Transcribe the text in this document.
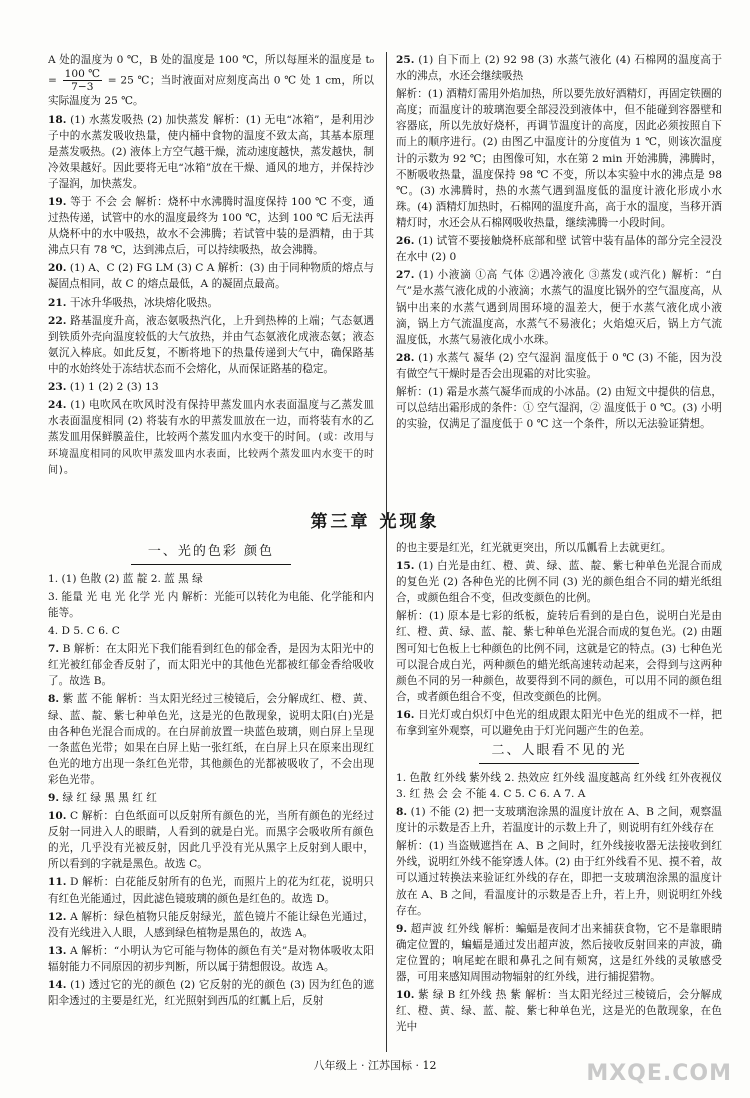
A 处的温度为 0 ℃，B 处的温度是 100 ℃，所以每厘米的温度是 $t_0 = \frac{100 ℃}{7-3} = 25$ ℃；当时液面对应刻度高出 0 ℃ 处 1 cm，所以实际温度为 25 ℃。

18. (1) 水蒸发吸热 (2) 加快蒸发 解析：(1) 无电“冰箱”，是利用沙子中的水蒸发吸收热量，使内桶中食物的温度不致太高，其基本原理是蒸发吸热。(2) 液体上方空气越干燥，流动速度越快，蒸发越快，制冷效果越好。因此要将无电“冰箱”放在干燥、通风的地方，并保持沙子湿润，加快蒸发。

19. 等于 不会 会 解析：烧杯中水沸腾时温度保持 100 ℃ 不变，通过热传递，试管中的水的温度最终为 100 ℃，达到 100 ℃ 后无法再从烧杯中的水中吸热，故水不会沸腾；若试管中装的是酒精，由于其沸点只有 78 ℃，达到沸点后，可以持续吸热，故会沸腾。

20. (1) A、C (2) FG LM (3) C A 解析：(3) 由于同种物质的熔点与凝固点相同，故 C 的熔点最低，A 的凝固点最高。

21. 干冰升华吸热，冰块熔化吸热。

22. 路基温度升高，液态氨吸热汽化，上升到热棒的上端；气态氨遇到铁质外壳向温度较低的大气放热，并由气态氨液化成液态氨；液态氨沉入棒底。如此反复，不断将地下的热量传递到大气中，确保路基中的水始终处于冻结状态而不会熔化，从而保证路基的稳定。

23. (1) 1 (2) 2 (3) 13

24. (1) 电吹风在吹风时没有保持甲蒸发皿内水表面温度与乙蒸发皿水表面温度相同 (2) 将装有水的甲蒸发皿放在一边，而将装有水的乙蒸发皿用保鲜膜盖住，比较两个蒸发皿内水变干的时间。(或：改用与环境温度相同的风吹甲蒸发皿内水表面，比较两个蒸发皿内水变干的时间)。

25. (1) 自下而上 (2) 92 98 (3) 水蒸气液化 (4) 石棉网的温度高于水的沸点，水还会继续吸热

解析：(1) 酒精灯需用外焰加热，所以要先放好酒精灯，再固定铁圈的高度；而温度计的玻璃泡要全部浸没到液体中，但不能碰到容器壁和容器底，所以先放好烧杯，再调节温度计的高度，因此必须按照自下而上的顺序进行。(2) 由图乙中温度计的分度值为 1 ℃，则该次温度计的示数为 92 ℃；由图像可知，水在第 2 min 开始沸腾，沸腾时，不断吸收热量，温度保持 98 ℃ 不变，所以本实验中水的沸点是 98 ℃。(3) 水沸腾时，热的水蒸气遇到温度低的温度计液化形成小水珠。(4) 酒精灯加热时，石棉网的温度升高，高于水的温度，当移开酒精灯时，水还会从石棉网吸收热量，继续沸腾一小段时间。

26. (1) 试管不要接触烧杯底部和壁 试管中装有晶体的部分完全浸没在水中 (2) 0

27. (1) 小液滴 ①高 气体 ②遇冷液化 ③蒸发(或汽化) 解析：“白气”是水蒸气液化成的小液滴；水蒸气的温度比锅外的空气温度高，从锅中出来的水蒸气遇到周围环境的温差大，便于水蒸气液化成小液滴，锅上方气流温度高，水蒸气不易液化；火焰熄灭后，锅上方气流温度低，水蒸气易液化成小水珠。

28. (1) 水蒸气 凝华 (2) 空气湿润 温度低于 0 ℃ (3) 不能，因为没有做空气干燥时是否会出现霜的对比实验。

解析：(1) 霜是水蒸气凝华而成的小冰晶。(2) 由短文中提供的信息，可以总结出霜形成的条件：① 空气湿润，② 温度低于 0 ℃。(3) 小明的实验，仅满足了温度低于 0 ℃ 这一个条件，所以无法验证猜想。

第三章 光现象
一、光的色彩 颜色

1. (1) 色散 (2) 蓝 靛 2. 蓝 黑 绿

3. 能量 光 电 光 化学 光 内 解析：光能可以转化为电能、化学能和内能等。

4. D 5. C 6. C

7. B 解析：在太阳光下我们能看到红色的郁金香，是因为太阳光中的红光被红郁金香反射了，而太阳光中的其他色光都被红郁金香给吸收了。故选 B。

8. 紫 蓝 不能 解析：当太阳光经过三棱镜后，会分解成红、橙、黄、绿、蓝、靛、紫七种单色光，这是光的色散现象，说明太阳(白)光是由各种色光混合而成的。在白屏前放置一块蓝色玻璃，则白屏上呈现一条蓝色光带；如果在白屏上贴一张红纸，在白屏上只在原来出现红色光的地方出现一条红色光带，其他颜色的光都被吸收了，不会出现彩色光带。

9. 绿 红 绿 黑 黑 红 红

10. C 解析：白色纸面可以反射所有颜色的光，当所有颜色的光经过反射一同进入人的眼睛，人看到的就是白光。而黑字会吸收所有颜色的光，几乎没有光被反射，因此几乎没有光从黑字上反射到人眼中，所以看到的字就是黑色。故选 C。

11. D 解析：白花能反射所有的色光，而照片上的花为红花，说明只有红色光能通过，因此滤色镜玻璃的颜色是红色的。故选 D。

12. A 解析：绿色植物只能反射绿光，蓝色镜片不能让绿色光通过，没有光线进入人眼，人感到绿色植物是黑色的，故选 A。

13. A 解析：“小明认为它可能与物体的颜色有关”是对物体吸收太阳辐射能力不同原因的初步判断，所以属于猜想假设。故选 A。

14. (1) 透过它的光的颜色 (2) 它反射的光的颜色 (3) 因为红色的遮阳伞透过的主要是红光，红光照射到西瓜的红瓤上后，反射

的也主要是红光，红光就更突出，所以瓜瓤看上去就更红。

15. (1) 白光是由红、橙、黄、绿、蓝、靛、紫七种单色光混合而成的复色光 (2) 各种色光的比例不同 (3) 光的颜色组合不同的蜡光纸组合，或颜色组合不变，但改变颜色的比例。

解析：(1) 原本是七彩的纸板，旋转后看到的是白色，说明白光是由红、橙、黄、绿、蓝、靛、紫七种单色光混合而成的复色光。(2) 由题图可知七色板上七种颜色的比例不同，这就是它的特点。(3) 七种色光可以混合成白光，两种颜色的蜡光纸高速转动起来，会得到与这两种颜色不同的另一种颜色，故要得到不同的颜色，可以用不同的颜色组合，或者颜色组合不变，但改变颜色的比例。

16. 日光灯或白炽灯中色光的组成跟太阳光中色光的组成不一样，把布拿到室外观察，可以避免由于灯光问题产生的色差。

二、人眼看不见的光

1. 色散 红外线 紫外线 2. 热效应 红外线 温度越高 红外线 红外夜视仪 3. 红 热 会 会 不能 4. C 5. C 6. A 7. A

8. (1) 不能 (2) 把一支玻璃泡涂黑的温度计放在 A、B 之间，观察温度计的示数是否上升，若温度计的示数上升了，则说明有红外线存在

解析：(1) 当盗贼遮挡在 A、B 之间时，红外线接收器无法接收到红外线，说明红外线不能穿透人体。(2) 由于红外线看不见、摸不着，故可以通过转换法来验证红外线的存在，即把一支玻璃泡涂黑的温度计放在 A、B 之间，看温度计的示数是否上升，若上升，则说明红外线存在。

9. 超声波 红外线 解析：蝙蝠是夜间才出来捕获食物，它不是靠眼睛确定位置的，蝙蝠是通过发出超声波，然后接收反射回来的声波，确定位置的；响尾蛇在眼和鼻孔之间有颊窝，这是红外线的灵敏感受器，可用来感知周围动物辐射的红外线，进行捕捉猎物。

10. 紫 绿 B 红外线 热 紫 解析：当太阳光经过三棱镜后，会分解成红、橙、黄、绿、蓝、靛、紫七种单色光，这是光的色散现象，在色光中

八年级上 · 江苏国标 · 12	MXQE.COM
